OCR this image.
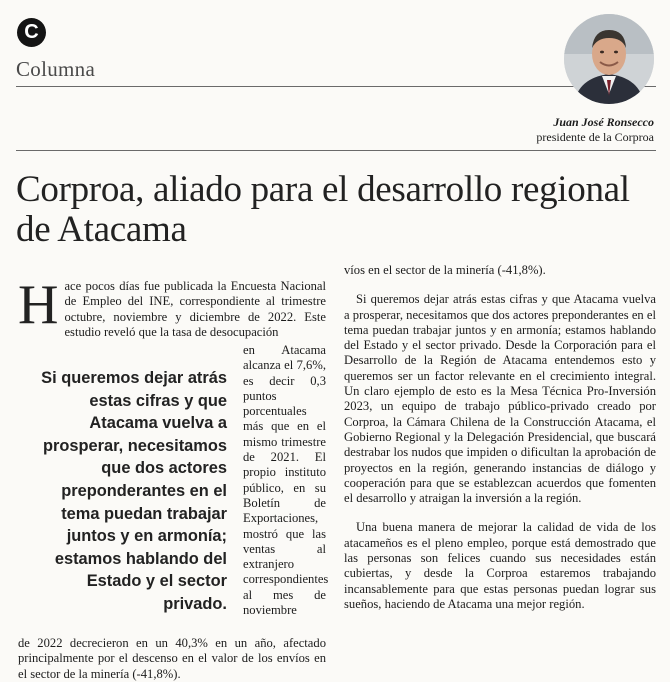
C
Columna
Juan José Ronsecco
presidente de la Corproa
Corproa, aliado para el desarrollo regional de Atacama
H ace pocos días fue publicada la Encuesta Nacional de Empleo del INE, correspondiente al trimestre octubre, noviembre y diciembre de 2022. Este estudio reveló que la tasa de desocupación

Si queremos dejar atrás estas cifras y que Atacama vuelva a prosperar, necesitamos que dos actores preponderantes en el tema puedan trabajar juntos y en armonía; estamos hablando del Estado y el sector privado.
en Atacama alcanza el 7,6%, es decir 0,3 puntos porcentuales más que en el mismo trimestre de 2021. El propio instituto público, en su Boletín de Exportaciones, mostró que las ventas al extranjero correspondientes al mes de noviembre
de 2022 decrecieron en un 40,3% en un año, afectado principalmente por el descenso en el valor de los envíos en el sector de la minería (-41,8%).

víos en el sector de la minería (-41,8%).

Si queremos dejar atrás estas cifras y que Atacama vuelva a prosperar, necesitamos que dos actores preponderantes en el tema puedan trabajar juntos y en armonía; estamos hablando del Estado y el sector privado. Desde la Corporación para el Desarrollo de la Región de Atacama entendemos esto y queremos ser un factor relevante en el crecimiento integral. Un claro ejemplo de esto es la Mesa Técnica Pro-Inversión 2023, un equipo de trabajo público-privado creado por Corproa, la Cámara Chilena de la Construcción Atacama, el Gobierno Regional y la Delegación Presidencial, que buscará destrabar los nudos que impiden o dificultan la aprobación de proyectos en la región, generando instancias de diálogo y cooperación para que se establezcan acuerdos que fomenten el desarrollo y atraigan la inversión a la región.

Una buena manera de mejorar la calidad de vida de los atacameños es el pleno empleo, porque está demostrado que las personas son felices cuando sus necesidades están cubiertas, y desde la Corproa estaremos trabajando incansablemente para que estas personas puedan lograr sus sueños, haciendo de Atacama una mejor región.
